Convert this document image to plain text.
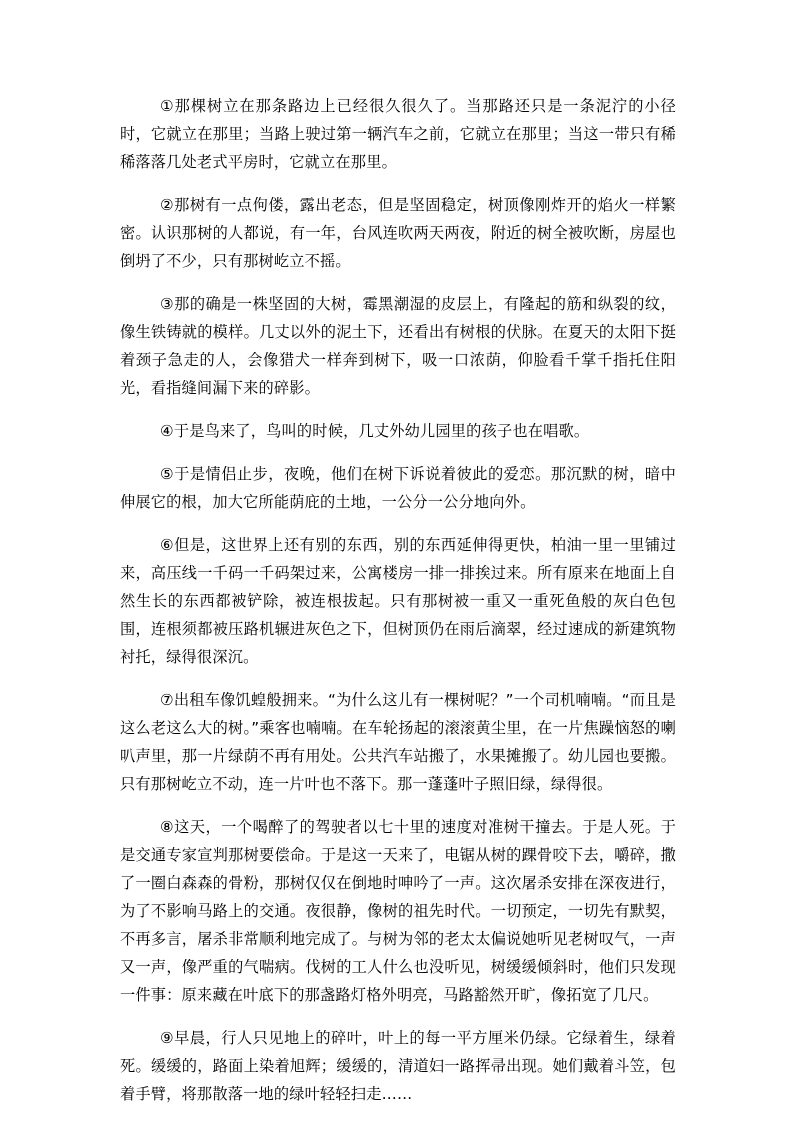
①那棵树立在那条路边上已经很久很久了。当那路还只是一条泥泞的小径时，它就立在那里；当路上驶过第一辆汽车之前，它就立在那里；当这一带只有稀稀落落几处老式平房时，它就立在那里。

②那树有一点佝偻，露出老态，但是坚固稳定，树顶像刚炸开的焰火一样繁密。认识那树的人都说，有一年，台风连吹两天两夜，附近的树全被吹断，房屋也倒坍了不少，只有那树屹立不摇。

③那的确是一株坚固的大树，霉黑潮湿的皮层上，有隆起的筋和纵裂的纹，像生铁铸就的模样。几丈以外的泥土下，还看出有树根的伏脉。在夏天的太阳下挺着颈子急走的人，会像猎犬一样奔到树下，吸一口浓荫，仰脸看千掌千指托住阳光，看指缝间漏下来的碎影。

④于是鸟来了，鸟叫的时候，几丈外幼儿园里的孩子也在唱歌。

⑤于是情侣止步，夜晚，他们在树下诉说着彼此的爱恋。那沉默的树，暗中伸展它的根，加大它所能荫庇的土地，一公分一公分地向外。

⑥但是，这世界上还有别的东西，别的东西延伸得更快，柏油一里一里铺过来，高压线一千码一千码架过来，公寓楼房一排一排挨过来。所有原来在地面上自然生长的东西都被铲除，被连根拔起。只有那树被一重又一重死鱼般的灰白色包围，连根须都被压路机辗进灰色之下，但树顶仍在雨后滴翠，经过速成的新建筑物衬托，绿得很深沉。

⑦出租车像饥蝗般拥来。“为什么这儿有一棵树呢？”一个司机喃喃。“而且是这么老这么大的树。”乘客也喃喃。在车轮扬起的滚滚黄尘里，在一片焦躁恼怒的喇叭声里，那一片绿荫不再有用处。公共汽车站搬了，水果摊搬了。幼儿园也要搬。只有那树屹立不动，连一片叶也不落下。那一蓬蓬叶子照旧绿，绿得很。

⑧这天，一个喝醉了的驾驶者以七十里的速度对准树干撞去。于是人死。于是交通专家宣判那树要偿命。于是这一天来了，电锯从树的踝骨咬下去，嚼碎，撒了一圈白森森的骨粉，那树仅仅在倒地时呻吟了一声。这次屠杀安排在深夜进行，为了不影响马路上的交通。夜很静，像树的祖先时代。一切预定，一切先有默契，不再多言，屠杀非常顺利地完成了。与树为邻的老太太偏说她听见老树叹气，一声又一声，像严重的气喘病。伐树的工人什么也没听见，树缓缓倾斜时，他们只发现一件事：原来藏在叶底下的那盏路灯格外明亮，马路豁然开旷，像拓宽了几尺。

⑨早晨，行人只见地上的碎叶，叶上的每一平方厘米仍绿。它绿着生，绿着死。缓缓的，路面上染着旭辉；缓缓的，清道妇一路挥帚出现。她们戴着斗笠，包着手臂，将那散落一地的绿叶轻轻扫走……
